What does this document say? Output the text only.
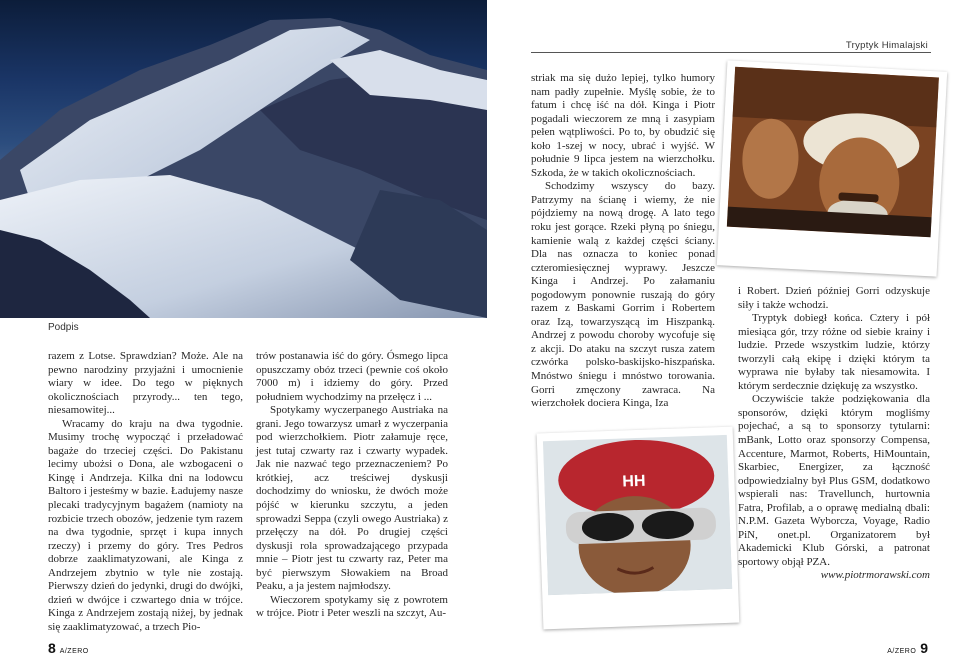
Podpis

razem z Lotse. Sprawdzian? Może. Ale na pewno narodziny przyjaźni i umocnienie wiary w idee. Do tego w pięknych okolicznościach przyrody... ten tego, niesamowitej...

Wracamy do kraju na dwa tygodnie. Musimy trochę wypocząć i przeładować bagaże do trzeciej części. Do Pakistanu lecimy ubożsi o Dona, ale wzbogaceni o Kingę i Andrzeja. Kilka dni na lodowcu Baltoro i jesteśmy w bazie. Ładujemy nasze plecaki tradycyjnym bagażem (namioty na rozbicie trzech obozów, jedzenie tym razem na dwa tygodnie, sprzęt i kupa innych rzeczy) i przemy do góry. Tres Pedros dobrze zaaklimatyzowani, ale Kinga z Andrzejem zbytnio w tyle nie zostają. Pierwszy dzień do jedynki, drugi do dwójki, dzień w dwójce i czwartego dnia w trójce. Kinga z Andrzejem zostają niżej, by jednak się zaaklimatyzować, a trzech Pio-

trów postanawia iść do góry. Ósmego lipca opuszczamy obóz trzeci (pewnie coś około 7000 m) i idziemy do góry. Przed południem wychodzimy na przełęcz i ...

Spotykamy wyczerpanego Austriaka na grani. Jego towarzysz umarł z wyczerpania pod wierzchołkiem. Piotr załamuje ręce, jest tutaj czwarty raz i czwarty wypadek. Jak nie nazwać tego przeznaczeniem? Po krótkiej, acz treściwej dyskusji dochodzimy do wniosku, że dwóch może pójść w kierunku szczytu, a jeden sprowadzi Seppa (czyli owego Austriaka) z przełęczy na dół. Po drugiej części dyskusji rola sprowadzającego przypada mnie – Piotr jest tu czwarty raz, Peter ma być pierwszym Słowakiem na Broad Peaku, a ja jestem najmłodszy.

Wieczorem spotykamy się z powrotem w trójce. Piotr i Peter weszli na szczyt, Au-

Tryptyk Himalajski

striak ma się dużo lepiej, tylko humory nam padły zupełnie. Myślę sobie, że to fatum i chcę iść na dół. Kinga i Piotr pogadali wieczorem ze mną i zasypiam pełen wątpliwości. Po to, by obudzić się koło 1-szej w nocy, ubrać i wyjść. W południe 9 lipca jestem na wierzchołku. Szkoda, że w takich okolicznościach.

Schodzimy wszyscy do bazy. Patrzymy na ścianę i wiemy, że nie pójdziemy na nową drogę. A lato tego roku jest gorące. Rzeki płyną po śniegu, kamienie walą z każdej części ściany. Dla nas oznacza to koniec ponad czteromiesięcznej wyprawy. Jeszcze Kinga i Andrzej. Po załamaniu pogodowym ponownie ruszają do góry razem z Baskami Gorrim i Robertem oraz Izą, towarzyszącą im Hiszpanką. Andrzej z powodu choroby wycofuje się z akcji. Do ataku na szczyt rusza zatem czwórka polsko-baskijsko-hiszpańska. Mnóstwo śniegu i mnóstwo torowania. Gorri zmęczony zawraca. Na wierzchołek dociera Kinga, Iza

i Robert. Dzień później Gorri odzyskuje siły i także wchodzi.

Tryptyk dobiegł końca. Cztery i pół miesiąca gór, trzy różne od siebie krainy i ludzie. Przede wszystkim ludzie, którzy tworzyli całą ekipę i dzięki którym ta wyprawa nie byłaby tak niesamowita. I którym serdecznie dziękuję za wszystko.

Oczywiście także podziękowania dla sponsorów, dzięki którym mogliśmy pojechać, a są to sponsorzy tytularni: mBank, Lotto oraz sponsorzy Compensa, Accenture, Marmot, Roberts, HiMountain, Skarbiec, Energizer, za łączność odpowiedzialny był Plus GSM, dodatkowo wspierali nas: Travellunch, hurtownia Fatra, Profilab, a o oprawę medialną dbali: N.P.M. Gazeta Wyborcza, Voyage, Radio PiN, onet.pl. Organizatorem był Akademicki Klub Górski, a patronat sportowy objął PZA.

www.piotrmorawski.com

HH
8 A/ZERO	A/ZERO 9
